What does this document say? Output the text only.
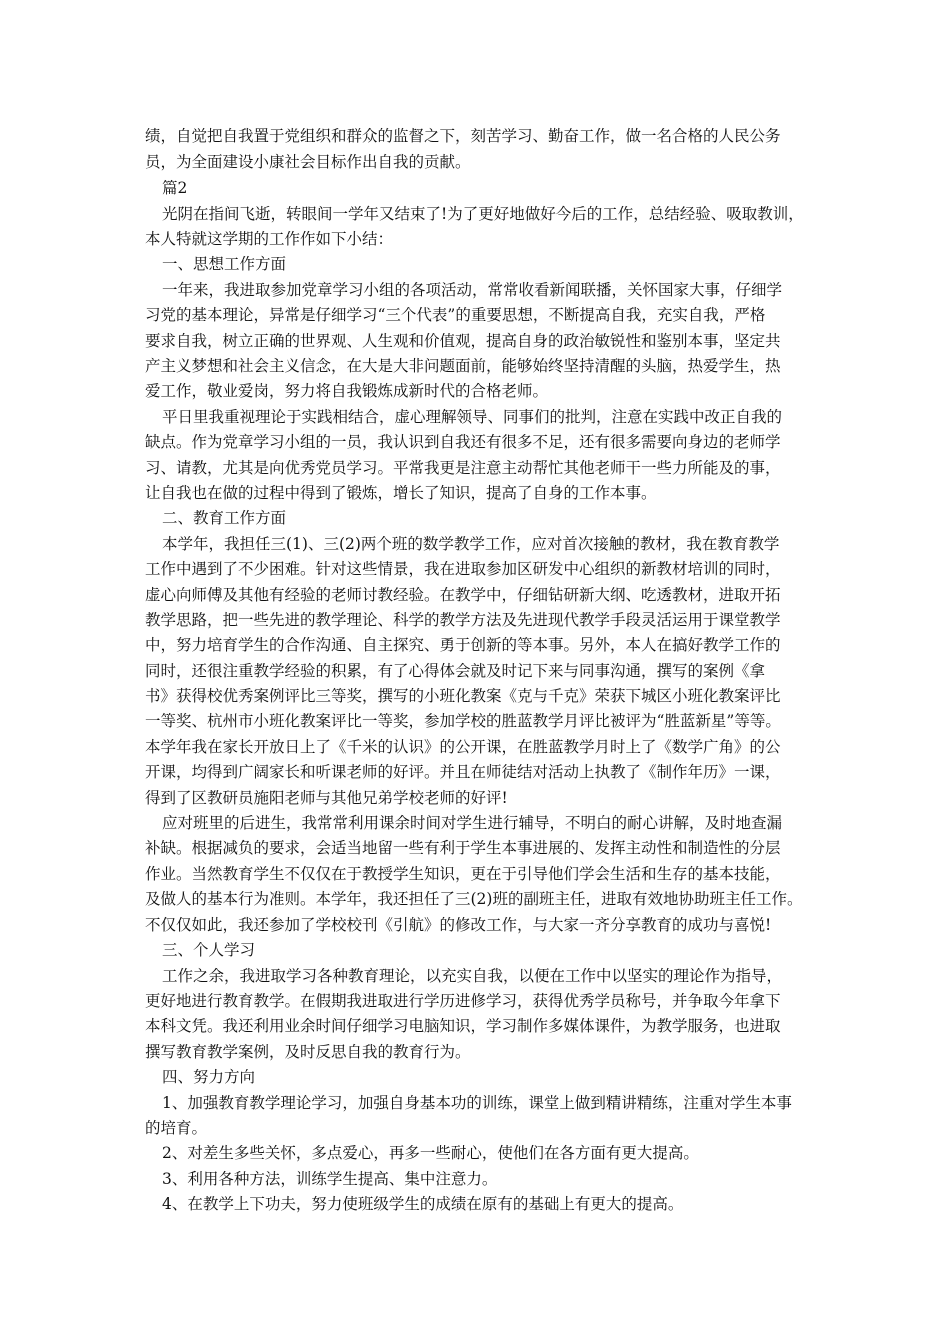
绩，自觉把自我置于党组织和群众的监督之下，刻苦学习、勤奋工作，做一名合格的人民公务
员，为全面建设小康社会目标作出自我的贡献。
篇2
光阴在指间飞逝，转眼间一学年又结束了!为了更好地做好今后的工作，总结经验、吸取教训，
本人特就这学期的工作作如下小结：
一、思想工作方面
一年来，我进取参加党章学习小组的各项活动，常常收看新闻联播，关怀国家大事，仔细学
习党的基本理论，异常是仔细学习“三个代表”的重要思想，不断提高自我，充实自我，严格
要求自我，树立正确的世界观、人生观和价值观，提高自身的政治敏锐性和鉴别本事，坚定共
产主义梦想和社会主义信念，在大是大非问题面前，能够始终坚持清醒的头脑，热爱学生，热
爱工作，敬业爱岗，努力将自我锻炼成新时代的合格老师。
平日里我重视理论于实践相结合，虚心理解领导、同事们的批判，注意在实践中改正自我的
缺点。作为党章学习小组的一员，我认识到自我还有很多不足，还有很多需要向身边的老师学
习、请教，尤其是向优秀党员学习。平常我更是注意主动帮忙其他老师干一些力所能及的事，
让自我也在做的过程中得到了锻炼，增长了知识，提高了自身的工作本事。
二、教育工作方面
本学年，我担任三(1)、三(2)两个班的数学教学工作，应对首次接触的教材，我在教育教学
工作中遇到了不少困难。针对这些情景，我在进取参加区研发中心组织的新教材培训的同时，
虚心向师傅及其他有经验的老师讨教经验。在教学中，仔细钻研新大纲、吃透教材，进取开拓
教学思路，把一些先进的教学理论、科学的教学方法及先进现代教学手段灵活运用于课堂教学
中，努力培育学生的合作沟通、自主探究、勇于创新的等本事。另外，本人在搞好教学工作的
同时，还很注重教学经验的积累，有了心得体会就及时记下来与同事沟通，撰写的案例《拿
书》获得校优秀案例评比三等奖，撰写的小班化教案《克与千克》荣获下城区小班化教案评比
一等奖、杭州市小班化教案评比一等奖，参加学校的胜蓝教学月评比被评为“胜蓝新星”等等。
本学年我在家长开放日上了《千米的认识》的公开课，在胜蓝教学月时上了《数学广角》的公
开课，均得到广阔家长和听课老师的好评。并且在师徒结对活动上执教了《制作年历》一课，
得到了区教研员施阳老师与其他兄弟学校老师的好评!
应对班里的后进生，我常常利用课余时间对学生进行辅导，不明白的耐心讲解，及时地查漏
补缺。根据减负的要求，会适当地留一些有利于学生本事进展的、发挥主动性和制造性的分层
作业。当然教育学生不仅仅在于教授学生知识，更在于引导他们学会生活和生存的基本技能，
及做人的基本行为准则。本学年，我还担任了三(2)班的副班主任，进取有效地协助班主任工作。
不仅仅如此，我还参加了学校校刊《引航》的修改工作，与大家一齐分享教育的成功与喜悦!
三、个人学习
工作之余，我进取学习各种教育理论，以充实自我，以便在工作中以坚实的理论作为指导，
更好地进行教育教学。在假期我进取进行学历进修学习，获得优秀学员称号，并争取今年拿下
本科文凭。我还利用业余时间仔细学习电脑知识，学习制作多媒体课件，为教学服务，也进取
撰写教育教学案例，及时反思自我的教育行为。
四、努力方向
1、加强教育教学理论学习，加强自身基本功的训练，课堂上做到精讲精练，注重对学生本事
的培育。
2、对差生多些关怀，多点爱心，再多一些耐心，使他们在各方面有更大提高。
3、利用各种方法，训练学生提高、集中注意力。
4、在教学上下功夫，努力使班级学生的成绩在原有的基础上有更大的提高。
